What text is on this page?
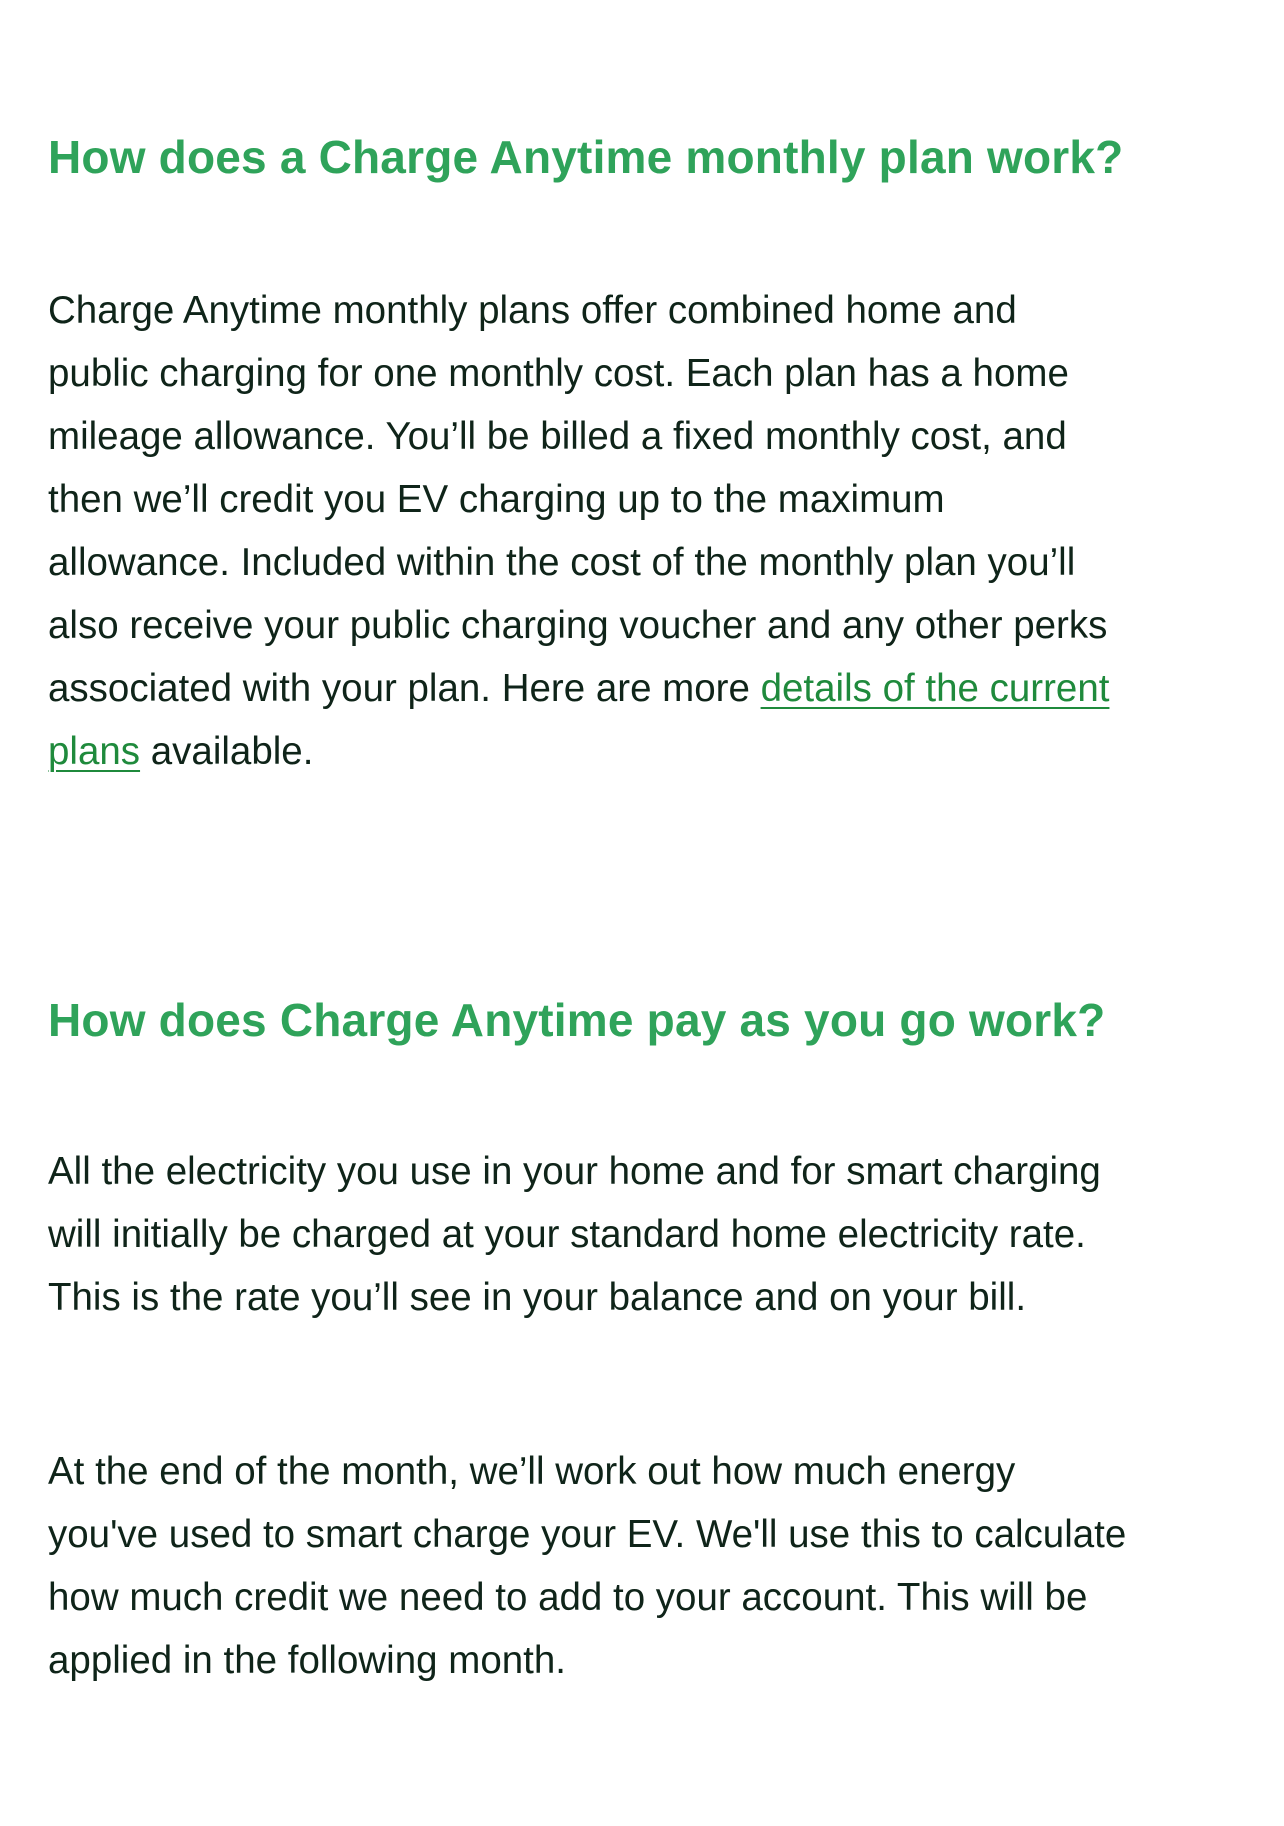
How does a Charge Anytime monthly plan work?

Charge Anytime monthly plans offer combined home and
public charging for one monthly cost. Each plan has a home
mileage allowance. You’ll be billed a fixed monthly cost, and
then we’ll credit you EV charging up to the maximum
allowance. Included within the cost of the monthly plan you’ll
also receive your public charging voucher and any other perks
associated with your plan. Here are more details of the current
plans available.

How does Charge Anytime pay as you go work?

All the electricity you use in your home and for smart charging
will initially be charged at your standard home electricity rate.
This is the rate you’ll see in your balance and on your bill.

At the end of the month, we’ll work out how much energy
you've used to smart charge your EV. We'll use this to calculate
how much credit we need to add to your account. This will be
applied in the following month.
